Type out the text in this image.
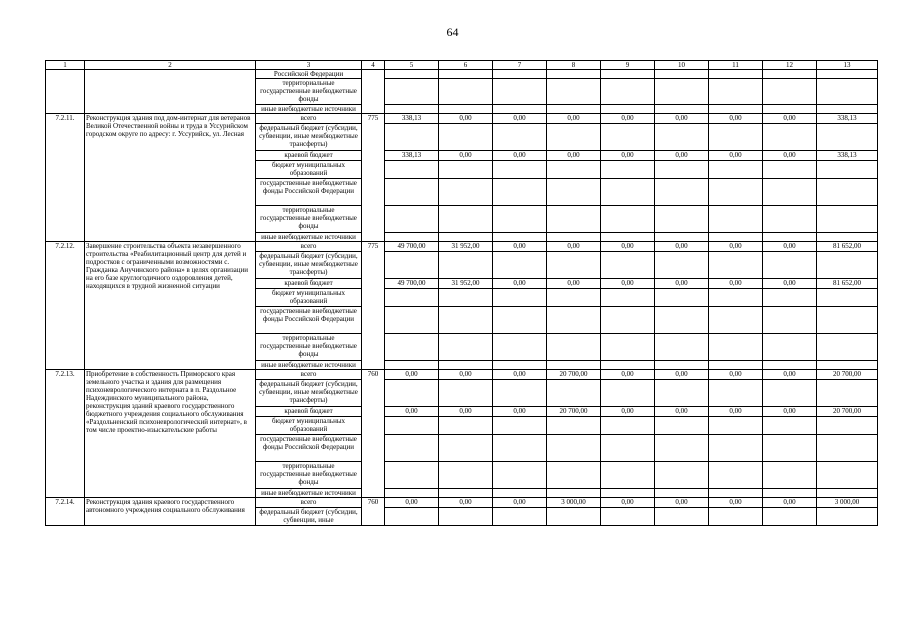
64
1	2	3	4	5	6	7	8	9	10	11	12	13
		Российской Федерации										
		территориальные государственные внебюджетные фонды										
		иные внебюджетные источники										
7.2.11.	Реконструкция здания под дом-интернат для ветеранов Великой Отечественной войны и труда в Уссурийском городском округе по адресу: г. Уссурийск, ул. Лесная	всего	775	338,13	0,00	0,00	0,00	0,00	0,00	0,00	0,00	338,13
		федеральный бюджет (субсидии, субвенции, иные межбюджетные трансферты)										
		краевой бюджет		338,13	0,00	0,00	0,00	0,00	0,00	0,00	0,00	338,13
		бюджет муниципальных образований										
		государственные внебюджетные фонды Российской Федерации										
		территориальные государственные внебюджетные фонды										
		иные внебюджетные источники										
7.2.12.	Завершение строительства объекта незавершенного строительства «Реабилитационный центр для детей и подростков с ограниченными возможностями с. Гражданка Анучинского района» в целях организации на его базе круглогодичного оздоровления детей, находящихся в трудной жизненной ситуации	всего	775	49 700,00	31 952,00	0,00	0,00	0,00	0,00	0,00	0,00	81 652,00
		федеральный бюджет (субсидии, субвенции, иные межбюджетные трансферты)										
		краевой бюджет		49 700,00	31 952,00	0,00	0,00	0,00	0,00	0,00	0,00	81 652,00
		бюджет муниципальных образований										
		государственные внебюджетные фонды Российской Федерации										
		территориальные государственные внебюджетные фонды										
		иные внебюджетные источники										
7.2.13.	Приобретение в собственность Приморского края земельного участка и здания для размещения психоневрологического интерната в п. Раздольное Надеждинского муниципального района, реконструкция зданий краевого государственного бюджетного учреждения социального обслуживания «Раздольненский психоневрологический интернат», в том числе проектно-изыскательские работы	всего	760	0,00	0,00	0,00	20 700,00	0,00	0,00	0,00	0,00	20 700,00
		федеральный бюджет (субсидии, субвенции, иные межбюджетные трансферты)										
		краевой бюджет		0,00	0,00	0,00	20 700,00	0,00	0,00	0,00	0,00	20 700,00
		бюджет муниципальных образований										
		государственные внебюджетные фонды Российской Федерации										
		территориальные государственные внебюджетные фонды										
		иные внебюджетные источники										
7.2.14.	Реконструкция здания краевого государственного автономного учреждения социального обслуживания	всего	760	0,00	0,00	0,00	3 000,00	0,00	0,00	0,00	0,00	3 000,00
		федеральный бюджет (субсидии, субвенции, иные										
